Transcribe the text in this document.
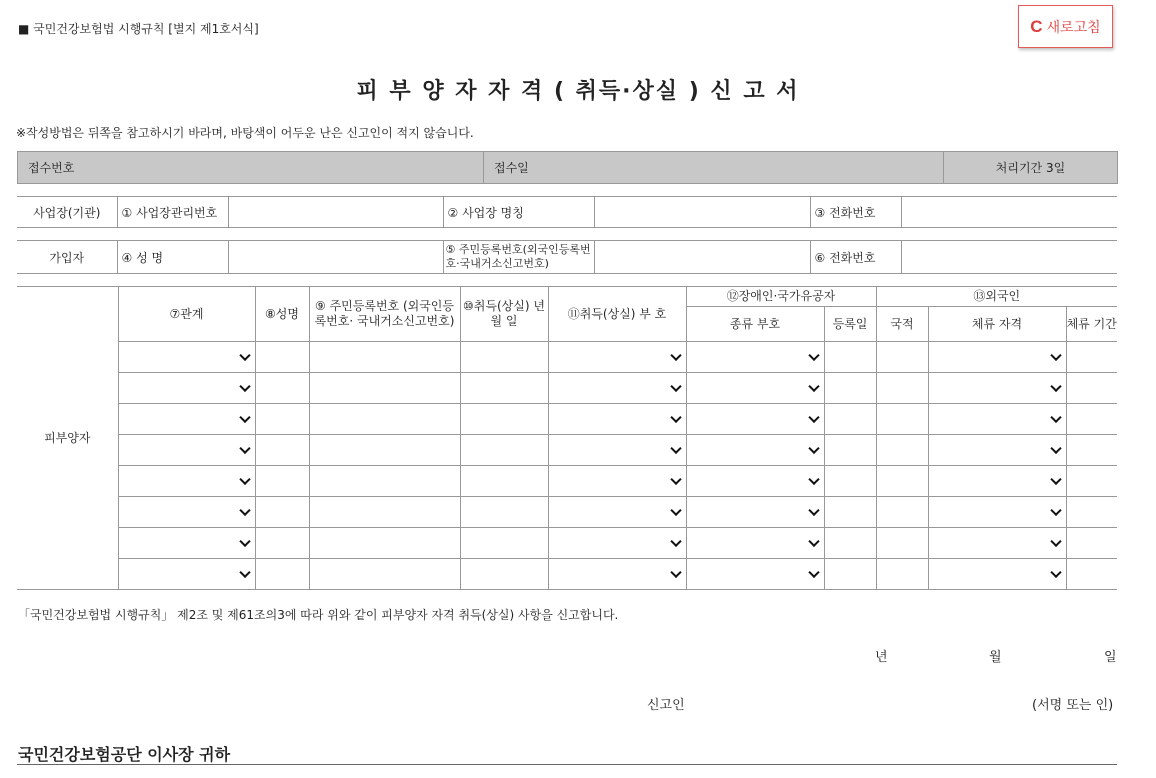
■ 국민건강보험법 시행규칙 [별지 제1호서식]	C 새로고침
피 부 양 자 자 격 ( 취득·상실 ) 신 고 서
※작성방법은 뒤쪽을 참고하시기 바라며, 바탕색이 어두운 난은 신고인이 적지 않습니다.
접수번호	접수일	처리기간 3일
사업장(기관)	① 사업장관리번호		② 사업장 명칭		③ 전화번호	
가입자	④ 성 명		⑤ 주민등록번호(외국인등록번호·국내거소신고번호)		⑥ 전화번호	
피부양자	⑦관계	⑧성명	⑨ 주민등록번호 (외국인등록번호· 국내거소신고번호)	⑩취득(상실) 년 월 일	⑪취득(상실) 부 호	⑫장애인·국가유공자		⑬외국인		
						종류 부호	등록일	국적	체류 자격	체류 기간

「국민건강보험법 시행규칙」 제2조 및 제61조의3에 따라 위와 같이 피부양자 자격 취득(상실) 사항을 신고합니다.
년	월	일
신고인	(서명 또는 인)
국민건강보험공단 이사장 귀하
